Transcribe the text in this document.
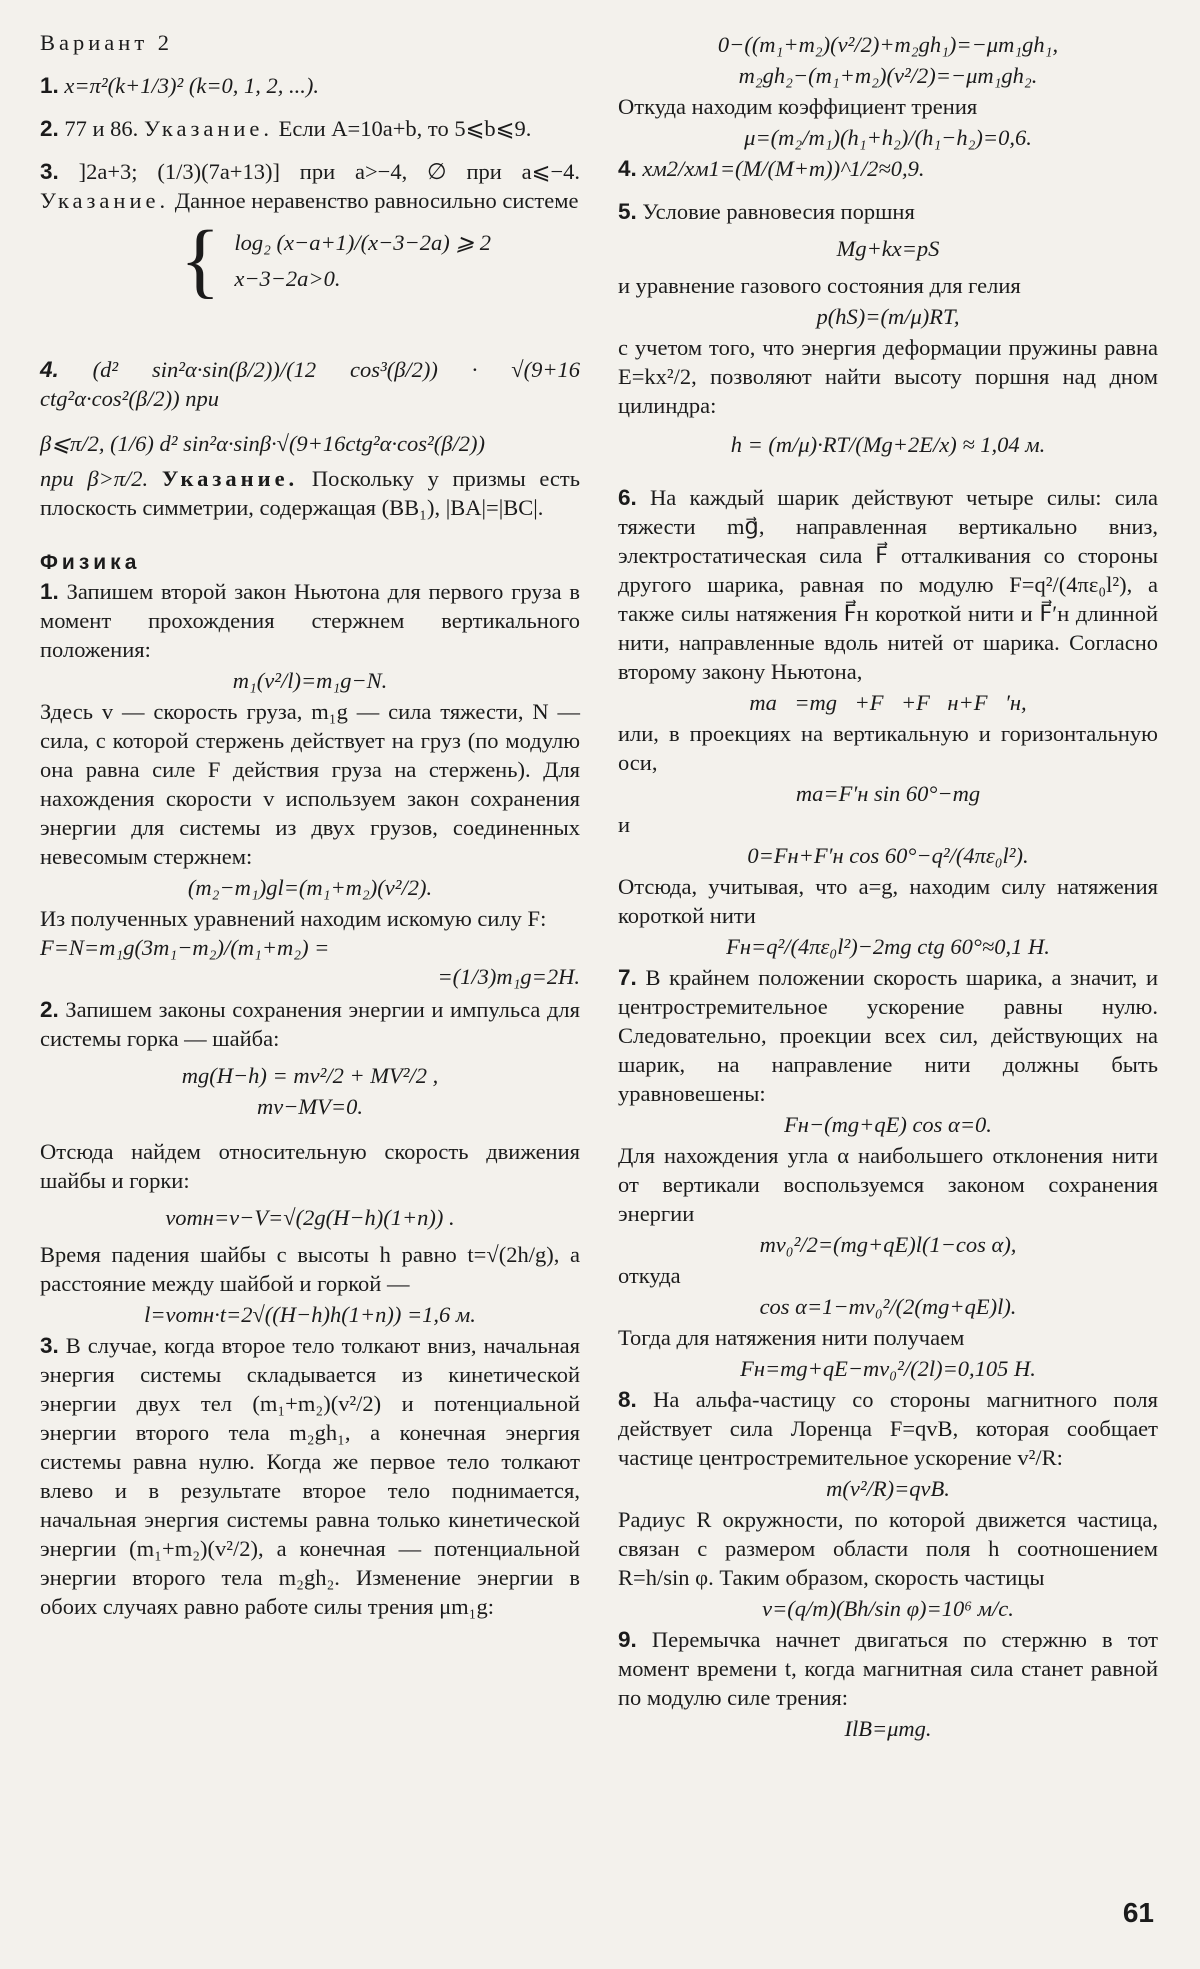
Вариант 2

1. x=π²(k+1/3)² (k=0, 1, 2, ...).

2. 77 и 86. Указание. Если A=10a+b, то 5⩽b⩽9.

3. ]2a+3; (1/3)(7a+13)] при a>−4, ∅ при a⩽−4. Указание. Данное неравенство равносильно системе

{ log₂ (x−a+1)/(x−3−2a) ⩾ 2
x−3−2a>0.

4. (d² sin²α·sin(β/2))/(12 cos³(β/2)) · √(9+16 ctg²α·cos²(β/2)) при

β⩽π/2, (1/6) d² sin²α·sinβ·√(9+16ctg²α·cos²(β/2))

при β>π/2. Указание. Поскольку у призмы есть плоскость симметрии, содержащая (BB₁), |BA|=|BC|.

Физика

1. Запишем второй закон Ньютона для первого груза в момент прохождения стержнем вертикального положения:

m₁(v²/l)=m₁g−N.

Здесь v — скорость груза, m₁g — сила тяжести, N — сила, с которой стержень действует на груз (по модулю она равна силе F действия груза на стержень). Для нахождения скорости v используем закон сохранения энергии для системы из двух грузов, соединенных невесомым стержнем:

(m₂−m₁)gl=(m₁+m₂)(v²/2).

Из полученных уравнений находим искомую силу F:

F=N=m₁g(3m₁−m₂)/(m₁+m₂) =

=(1/3)m₁g=2Н.

2. Запишем законы сохранения энергии и импульса для системы горка — шайба:

mg(H−h) = mv²/2 + MV²/2 ,

mv−MV=0.

Отсюда найдем относительную скорость движения шайбы и горки:

vотн=v−V=√(2g(H−h)(1+n)) .

Время падения шайбы с высоты h равно t=√(2h/g), а расстояние между шайбой и горкой —

l=vотн·t=2√((H−h)h(1+n)) =1,6 м.

3. В случае, когда второе тело толкают вниз, начальная энергия системы складывается из кинетической энергии двух тел (m₁+m₂)(v²/2) и потенциальной энергии второго тела m₂gh₁, а конечная энергия системы равна нулю. Когда же первое тело толкают влево и в результате второе тело поднимается, начальная энергия системы равна только кинетической энергии (m₁+m₂)(v²/2), а конечная — потенциальной энергии второго тела m₂gh₂. Изменение энергии в обоих случаях равно работе силы трения μm₁g:

0−((m₁+m₂)(v²/2)+m₂gh₁)=−μm₁gh₁,

m₂gh₂−(m₁+m₂)(v²/2)=−μm₁gh₂.

Откуда находим коэффициент трения

μ=(m₂/m₁)(h₁+h₂)/(h₁−h₂)=0,6.

4. xм2/xм1=(M/(M+m))^1/2≈0,9.

5. Условие равновесия поршня

Mg+kx=pS

и уравнение газового состояния для гелия

p(hS)=(m/μ)RT,

с учетом того, что энергия деформации пружины равна E=kx²/2, позволяют найти высоту поршня над дном цилиндра:

h = (m/μ)·RT/(Mg+2E/x) ≈ 1,04 м.

6. На каждый шарик действуют четыре силы: сила тяжести mg⃗, направленная вертикально вниз, электростатическая сила F⃗ отталкивания со стороны другого шарика, равная по модулю F=q²/(4πε₀l²), а также силы натяжения F⃗н короткой нити и F⃗′н длинной нити, направленные вдоль нитей от шарика. Согласно второму закону Ньютона,

ma⃗=mg⃗+F⃗+F⃗н+F⃗′н,

или, в проекциях на вертикальную и горизонтальную оси,

ma=F′н sin 60°−mg

и

0=Fн+F′н cos 60°−q²/(4πε₀l²).

Отсюда, учитывая, что a=g, находим силу натяжения короткой нити

Fн=q²/(4πε₀l²)−2mg ctg 60°≈0,1 Н.

7. В крайнем положении скорость шарика, а значит, и центростремительное ускорение равны нулю. Следовательно, проекции всех сил, действующих на шарик, на направление нити должны быть уравновешены:

Fн−(mg+qE) cos α=0.

Для нахождения угла α наибольшего отклонения нити от вертикали воспользуемся законом сохранения энергии

mv₀²/2=(mg+qE)l(1−cos α),

откуда

cos α=1−mv₀²/(2(mg+qE)l).

Тогда для натяжения нити получаем

Fн=mg+qE−mv₀²/(2l)=0,105 Н.

8. На альфа-частицу со стороны магнитного поля действует сила Лоренца F=qvB, которая сообщает частице центростремительное ускорение v²/R:

m(v²/R)=qvB.

Радиус R окружности, по которой движется частица, связан с размером области поля h соотношением R=h/sin φ. Таким образом, скорость частицы

v=(q/m)(Bh/sin φ)=10⁶ м/с.

9. Перемычка начнет двигаться по стержню в тот момент времени t, когда магнитная сила станет равной по модулю силе трения:

IlB=μmg.

61
